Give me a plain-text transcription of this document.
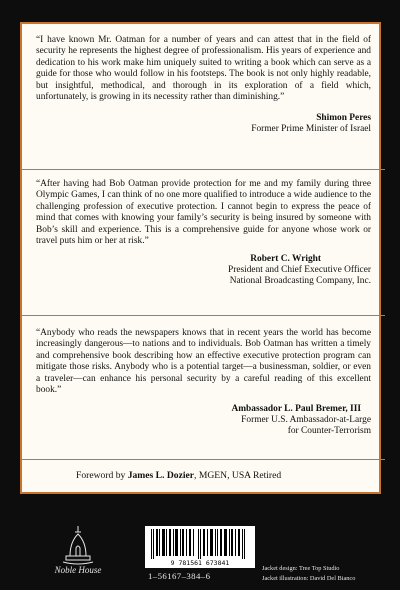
“I have known Mr. Oatman for a number of years and can attest that in the field of security he represents the highest degree of professionalism. His years of experience and dedication to his work make him uniquely suited to writing a book which can serve as a guide for those who would follow in his footsteps. The book is not only highly readable, but insightful, methodical, and thorough in its exploration of a field which, unfortunately, is growing in its necessity rather than diminishing.”

Shimon Peres

Former Prime Minister of Israel

“After having had Bob Oatman provide protection for me and my family during three Olympic Games, I can think of no one more qualified to introduce a wide audience to the challenging profession of executive protection. I cannot begin to express the peace of mind that comes with knowing your family’s security is being insured by someone with Bob’s skill and experience. This is a comprehensive guide for anyone whose work or travel puts him or her at risk.”

Robert C. Wright

President and Chief Executive Officer

National Broadcasting Company, Inc.

“Anybody who reads the newspapers knows that in recent years the world has become increasingly dangerous—to nations and to individuals. Bob Oatman has written a timely and comprehensive book describing how an effective executive protection program can mitigate those risks. Anybody who is a potential target—a businessman, soldier, or even a traveler—can enhance his personal security by a careful reading of this excellent book.”

Ambassador L. Paul Bremer, III

Former U.S. Ambassador-at-Large

for Counter-Terrorism

Foreword by James L. Dozier, MGEN, USA Retired

Noble House
9 781561 673841
1–56167–384–6
Jacket design: Tree Top Studio
Jacket illustration: David Del Bianco
